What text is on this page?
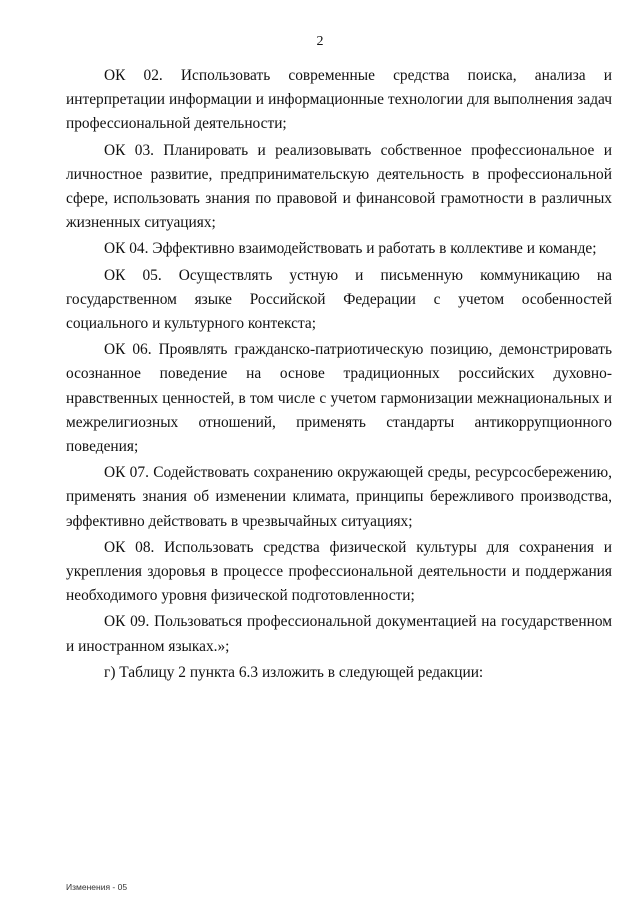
2

ОК 02. Использовать современные средства поиска, анализа и интерпретации информации и информационные технологии для выполнения задач профессиональной деятельности;

ОК 03. Планировать и реализовывать собственное профессиональное и личностное развитие, предпринимательскую деятельность в профессиональной сфере, использовать знания по правовой и финансовой грамотности в различных жизненных ситуациях;

ОК 04. Эффективно взаимодействовать и работать в коллективе и команде;

ОК 05. Осуществлять устную и письменную коммуникацию на государственном языке Российской Федерации с учетом особенностей социального и культурного контекста;

ОК 06. Проявлять гражданско-патриотическую позицию, демонстрировать осознанное поведение на основе традиционных российских духовно-нравственных ценностей, в том числе с учетом гармонизации межнациональных и межрелигиозных отношений, применять стандарты антикоррупционного поведения;

ОК 07. Содействовать сохранению окружающей среды, ресурсосбережению, применять знания об изменении климата, принципы бережливого производства, эффективно действовать в чрезвычайных ситуациях;

ОК 08. Использовать средства физической культуры для сохранения и укрепления здоровья в процессе профессиональной деятельности и поддержания необходимого уровня физической подготовленности;

ОК 09. Пользоваться профессиональной документацией на государственном и иностранном языках.»;

г) Таблицу 2 пункта 6.3 изложить в следующей редакции:

Изменения - 05
